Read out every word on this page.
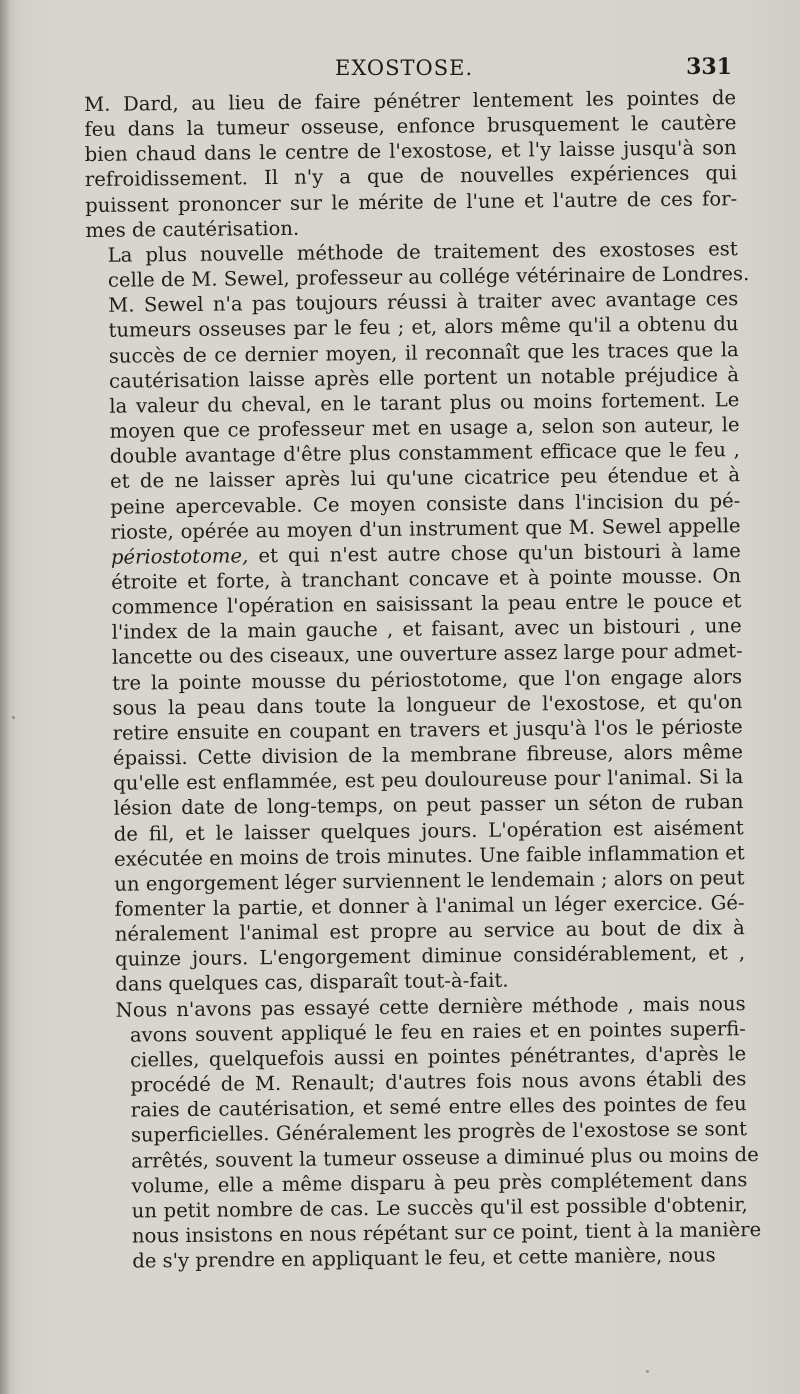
EXOSTOSE.	331

M. Dard, au lieu de faire pénétrer lentement les pointes de
feu dans la tumeur osseuse, enfonce brusquement le cautère
bien chaud dans le centre de l'exostose, et l'y laisse jusqu'à son
refroidissement. Il n'y a que de nouvelles expériences qui
puissent prononcer sur le mérite de l'une et l'autre de ces for-
mes de cautérisation.

La plus nouvelle méthode de traitement des exostoses est
celle de M. Sewel, professeur au collége vétérinaire de Londres.
M. Sewel n'a pas toujours réussi à traiter avec avantage ces
tumeurs osseuses par le feu ; et, alors même qu'il a obtenu du
succès de ce dernier moyen, il reconnaît que les traces que la
cautérisation laisse après elle portent un notable préjudice à
la valeur du cheval, en le tarant plus ou moins fortement. Le
moyen que ce professeur met en usage a, selon son auteur, le
double avantage d'être plus constamment efficace que le feu ,
et de ne laisser après lui qu'une cicatrice peu étendue et à
peine apercevable. Ce moyen consiste dans l'incision du pé-
rioste, opérée au moyen d'un instrument que M. Sewel appelle
périostotome, et qui n'est autre chose qu'un bistouri à lame
étroite et forte, à tranchant concave et à pointe mousse. On
commence l'opération en saisissant la peau entre le pouce et
l'index de la main gauche , et faisant, avec un bistouri , une
lancette ou des ciseaux, une ouverture assez large pour admet-
tre la pointe mousse du périostotome, que l'on engage alors
sous la peau dans toute la longueur de l'exostose, et qu'on
retire ensuite en coupant en travers et jusqu'à l'os le périoste
épaissi. Cette division de la membrane fibreuse, alors même
qu'elle est enflammée, est peu douloureuse pour l'animal. Si la
lésion date de long-temps, on peut passer un séton de ruban
de fil, et le laisser quelques jours. L'opération est aisément
exécutée en moins de trois minutes. Une faible inflammation et
un engorgement léger surviennent le lendemain ; alors on peut
fomenter la partie, et donner à l'animal un léger exercice. Gé-
néralement l'animal est propre au service au bout de dix à
quinze jours. L'engorgement diminue considérablement, et ,
dans quelques cas, disparaît tout-à-fait.

Nous n'avons pas essayé cette dernière méthode , mais nous
avons souvent appliqué le feu en raies et en pointes superfi-
cielles, quelquefois aussi en pointes pénétrantes, d'après le
procédé de M. Renault; d'autres fois nous avons établi des
raies de cautérisation, et semé entre elles des pointes de feu
superficielles. Généralement les progrès de l'exostose se sont
arrêtés, souvent la tumeur osseuse a diminué plus ou moins de
volume, elle a même disparu à peu près complétement dans
un petit nombre de cas. Le succès qu'il est possible d'obtenir,
nous insistons en nous répétant sur ce point, tient à la manière
de s'y prendre en appliquant le feu, et cette manière, nous
